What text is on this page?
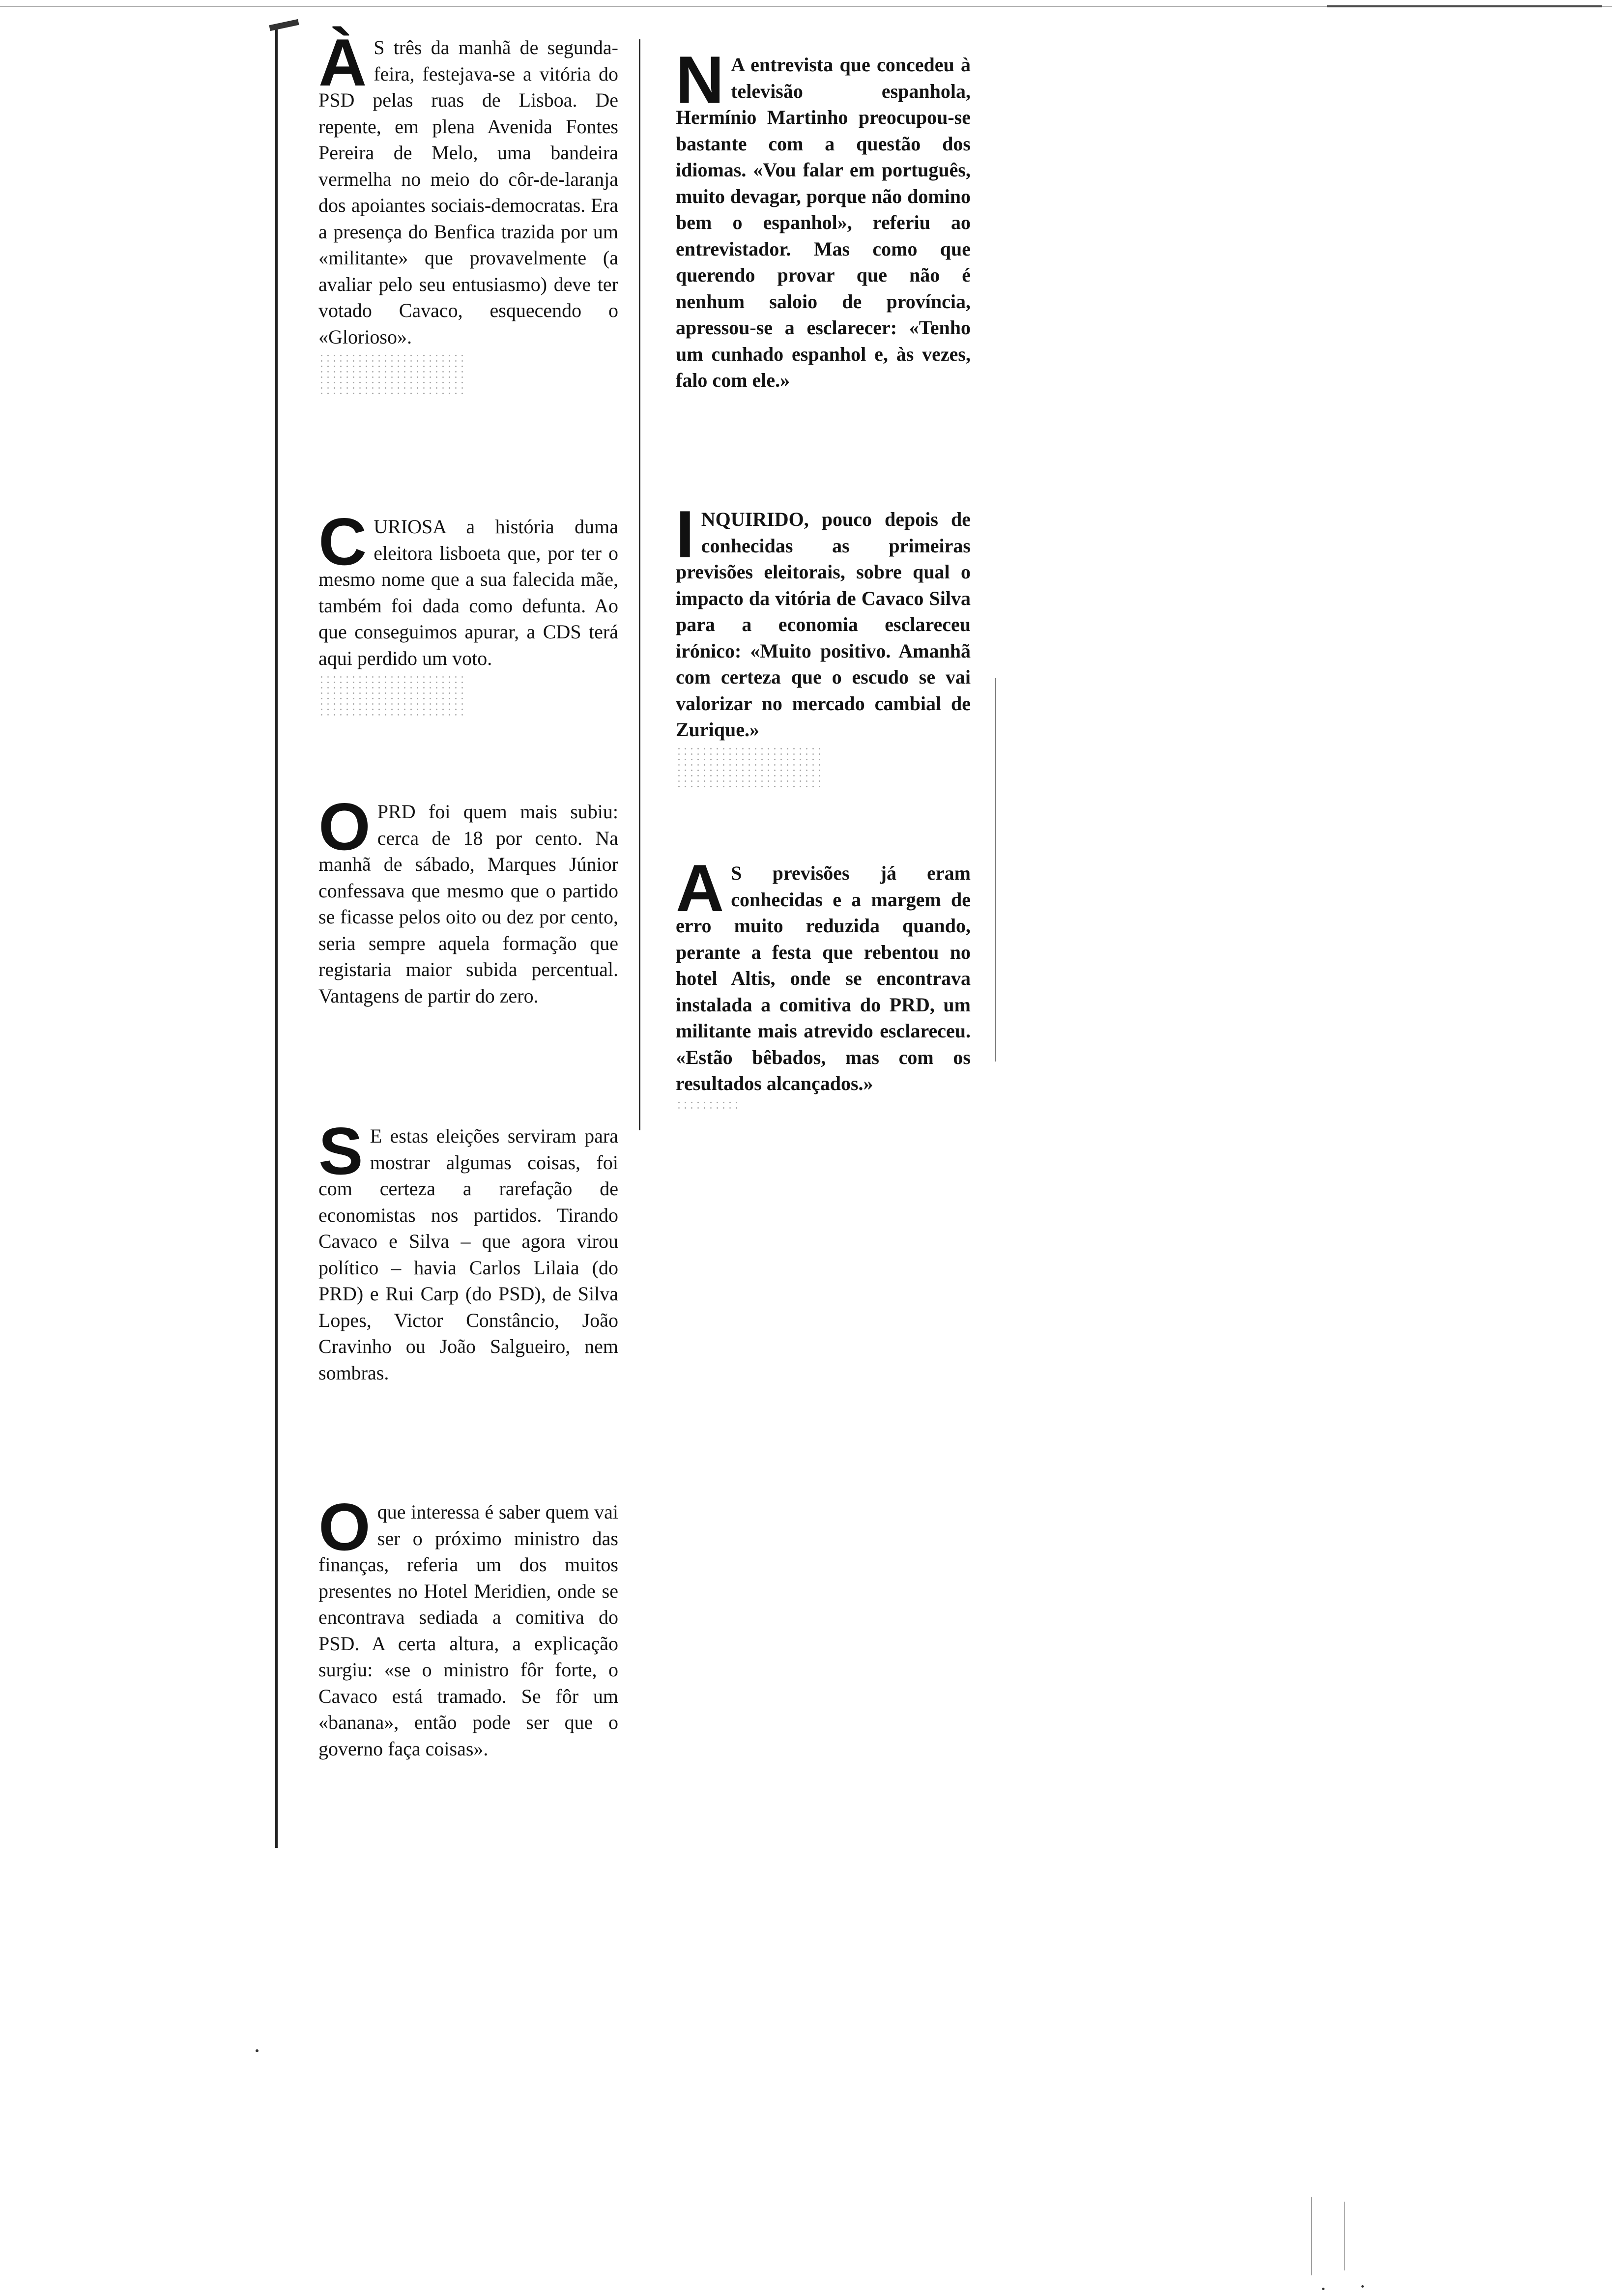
À S três da manhã de segunda-feira, festejava-se a vitória do PSD pelas ruas de Lisboa. De repente, em plena Avenida Fontes Pereira de Melo, uma bandeira vermelha no meio do côr-de-laranja dos apoiantes sociais-democratas. Era a presença do Benfica trazida por um «militante» que provavelmente (a avaliar pelo seu entusiasmo) deve ter votado Cavaco, esquecendo o «Glorioso».

CURIOSA a história duma eleitora lisboeta que, por ter o mesmo nome que a sua falecida mãe, também foi dada como defunta. Ao que conseguimos apurar, a CDS terá aqui perdido um voto.

OPRD foi quem mais subiu: cerca de 18 por cento. Na manhã de sábado, Marques Júnior confessava que mesmo que o partido se ficasse pelos oito ou dez por cento, seria sempre aquela formação que registaria maior subida percentual. Vantagens de partir do zero.

S E estas eleições serviram para mostrar algumas coisas, foi com certeza a rarefação de economistas nos partidos. Tirando Cavaco e Silva – que agora virou político – havia Carlos Lilaia (do PRD) e Rui Carp (do PSD), de Silva Lopes, Victor Constâncio, João Cravinho ou João Salgueiro, nem sombras.

Oque interessa é saber quem vai ser o próximo ministro das finanças, referia um dos muitos presentes no Hotel Meridien, onde se encontrava sediada a comitiva do PSD. A certa altura, a explicação surgiu: «se o ministro fôr forte, o Cavaco está tramado. Se fôr um «banana», então pode ser que o governo faça coisas».

N A entrevista que concedeu à televisão espanhola, Hermínio Martinho preocupou-se bastante com a questão dos idiomas. «Vou falar em português, muito devagar, porque não domino bem o espanhol», referiu ao entrevistador. Mas como que querendo provar que não é nenhum saloio de província, apressou-se a esclarecer: «Tenho um cunhado espanhol e, às vezes, falo com ele.»

INQUIRIDO, pouco depois de conhecidas as primeiras previsões eleitorais, sobre qual o impacto da vitória de Cavaco Silva para a economia esclareceu irónico: «Muito positivo. Amanhã com certeza que o escudo se vai valorizar no mercado cambial de Zurique.»

A S previsões já eram conhecidas e a margem de erro muito reduzida quando, perante a festa que rebentou no hotel Altis, onde se encontrava instalada a comitiva do PRD, um militante mais atrevido esclareceu. «Estão bêbados, mas com os resultados alcançados.»
